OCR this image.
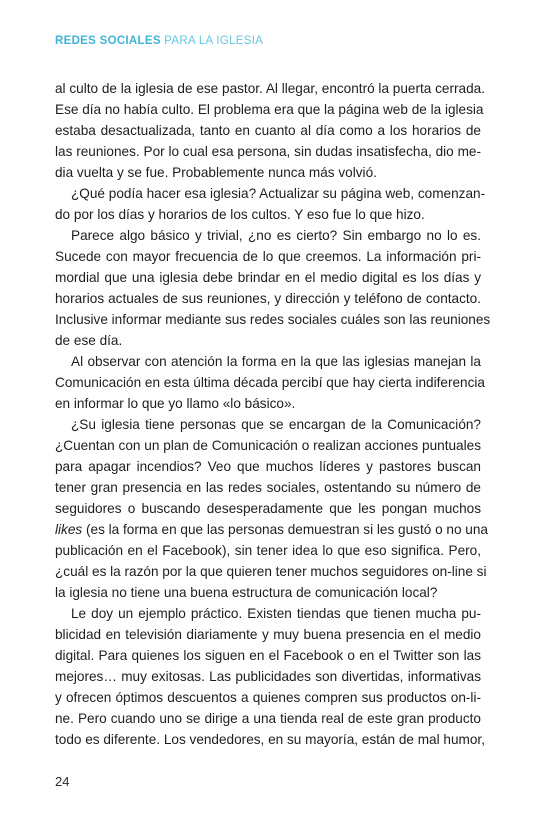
REDES SOCIALES PARA LA IGLESIA
al culto de la iglesia de ese pastor. Al llegar, encontró la puerta cerrada.
Ese día no había culto. El problema era que la página web de la iglesia
estaba desactualizada, tanto en cuanto al día como a los horarios de
las reuniones. Por lo cual esa persona, sin dudas insatisfecha, dio me-
dia vuelta y se fue. Probablemente nunca más volvió.
¿Qué podía hacer esa iglesia? Actualizar su página web, comenzan-
do por los días y horarios de los cultos. Y eso fue lo que hizo.
Parece algo básico y trivial, ¿no es cierto? Sin embargo no lo es.
Sucede con mayor frecuencia de lo que creemos. La información pri-
mordial que una iglesia debe brindar en el medio digital es los días y
horarios actuales de sus reuniones, y dirección y teléfono de contacto.
Inclusive informar mediante sus redes sociales cuáles son las reuniones
de ese día.
Al observar con atención la forma en la que las iglesias manejan la
Comunicación en esta última década percibí que hay cierta indiferencia
en informar lo que yo llamo «lo básico».
¿Su iglesia tiene personas que se encargan de la Comunicación?
¿Cuentan con un plan de Comunicación o realizan acciones puntuales
para apagar incendios? Veo que muchos líderes y pastores buscan
tener gran presencia en las redes sociales, ostentando su número de
seguidores o buscando desesperadamente que les pongan muchos
likes (es la forma en que las personas demuestran si les gustó o no una
publicación en el Facebook), sin tener idea lo que eso significa. Pero,
¿cuál es la razón por la que quieren tener muchos seguidores on-line si
la iglesia no tiene una buena estructura de comunicación local?
Le doy un ejemplo práctico. Existen tiendas que tienen mucha pu-
blicidad en televisión diariamente y muy buena presencia en el medio
digital. Para quienes los siguen en el Facebook o en el Twitter son las
mejores… muy exitosas. Las publicidades son divertidas, informativas
y ofrecen óptimos descuentos a quienes compren sus productos on-li-
ne. Pero cuando uno se dirige a una tienda real de este gran producto
todo es diferente. Los vendedores, en su mayoría, están de mal humor,
24
